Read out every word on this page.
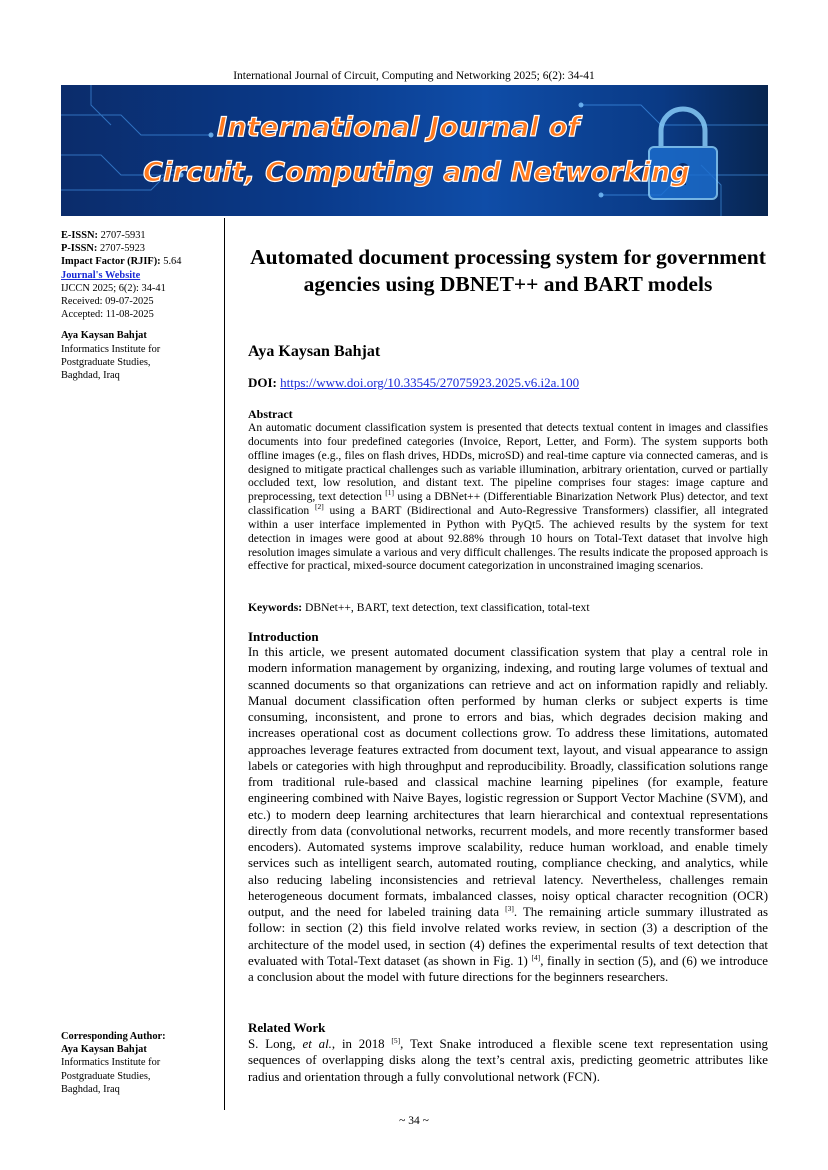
International Journal of Circuit, Computing and Networking 2025; 6(2): 34-41
International Journal of
Circuit, Computing and Networking
E-ISSN: 2707-5931
P-ISSN: 2707-5923
Impact Factor (RJIF): 5.64
Journal's Website
IJCCN 2025; 6(2): 34-41
Received: 09-07-2025
Accepted: 11-08-2025
Aya Kaysan Bahjat
Informatics Institute for
Postgraduate Studies,
Baghdad, Iraq
Corresponding Author:
Aya Kaysan Bahjat
Informatics Institute for
Postgraduate Studies,
Baghdad, Iraq
Automated document processing system for government agencies using DBNET++ and BART models
Aya Kaysan Bahjat
DOI: https://www.doi.org/10.33545/27075923.2025.v6.i2a.100
Abstract
An automatic document classification system is presented that detects textual content in images and classifies documents into four predefined categories (Invoice, Report, Letter, and Form). The system supports both offline images (e.g., files on flash drives, HDDs, microSD) and real-time capture via connected cameras, and is designed to mitigate practical challenges such as variable illumination, arbitrary orientation, curved or partially occluded text, low resolution, and distant text. The pipeline comprises four stages: image capture and preprocessing, text detection [1] using a DBNet++ (Differentiable Binarization Network Plus) detector, and text classification [2] using a BART (Bidirectional and Auto-Regressive Transformers) classifier, all integrated within a user interface implemented in Python with PyQt5. The achieved results by the system for text detection in images were good at about 92.88% through 10 hours on Total-Text dataset that involve high resolution images simulate a various and very difficult challenges. The results indicate the proposed approach is effective for practical, mixed-source document categorization in unconstrained imaging scenarios.
Keywords: DBNet++, BART, text detection, text classification, total-text
Introduction
In this article, we present automated document classification system that play a central role in modern information management by organizing, indexing, and routing large volumes of textual and scanned documents so that organizations can retrieve and act on information rapidly and reliably. Manual document classification often performed by human clerks or subject experts is time consuming, inconsistent, and prone to errors and bias, which degrades decision making and increases operational cost as document collections grow. To address these limitations, automated approaches leverage features extracted from document text, layout, and visual appearance to assign labels or categories with high throughput and reproducibility. Broadly, classification solutions range from traditional rule-based and classical machine learning pipelines (for example, feature engineering combined with Naive Bayes, logistic regression or Support Vector Machine (SVM), and etc.) to modern deep learning architectures that learn hierarchical and contextual representations directly from data (convolutional networks, recurrent models, and more recently transformer based encoders). Automated systems improve scalability, reduce human workload, and enable timely services such as intelligent search, automated routing, compliance checking, and analytics, while also reducing labeling inconsistencies and retrieval latency. Nevertheless, challenges remain heterogeneous document formats, imbalanced classes, noisy optical character recognition (OCR) output, and the need for labeled training data [3]. The remaining article summary illustrated as follow: in section (2) this field involve related works review, in section (3) a description of the architecture of the model used, in section (4) defines the experimental results of text detection that evaluated with Total-Text dataset (as shown in Fig. 1) [4], finally in section (5), and (6) we introduce a conclusion about the model with future directions for the beginners researchers.
Related Work
S. Long, et al., in 2018 [5], Text Snake introduced a flexible scene text representation using sequences of overlapping disks along the text’s central axis, predicting geometric attributes like radius and orientation through a fully convolutional network (FCN).
~ 34 ~
